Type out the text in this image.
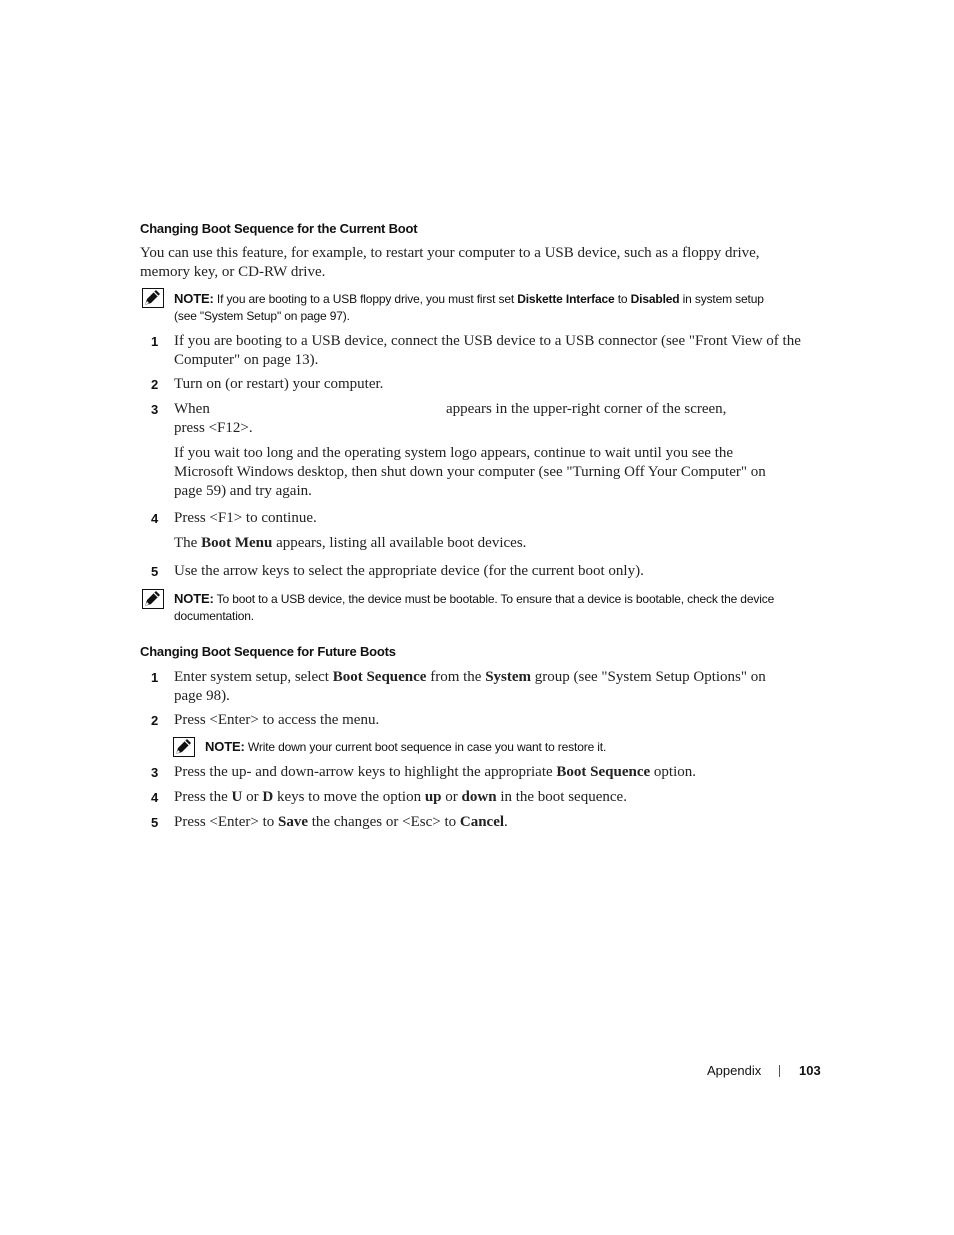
Changing Boot Sequence for the Current Boot
You can use this feature, for example, to restart your computer to a USB device, such as a floppy drive,
memory key, or CD-RW drive.
NOTE: If you are booting to a USB floppy drive, you must first set Diskette Interface to Disabled in system setup
(see "System Setup" on page 97).
1 If you are booting to a USB device, connect the USB device to a USB connector (see "Front View of the
Computer" on page 13).
2 Turn on (or restart) your computer.
3 When	appears in the upper-right corner of the screen,
press <F12>.
If you wait too long and the operating system logo appears, continue to wait until you see the
Microsoft Windows desktop, then shut down your computer (see "Turning Off Your Computer" on
page 59) and try again.
4 Press <F1> to continue.
The Boot Menu appears, listing all available boot devices.
5 Use the arrow keys to select the appropriate device (for the current boot only).
NOTE: To boot to a USB device, the device must be bootable. To ensure that a device is bootable, check the device
documentation.
Changing Boot Sequence for Future Boots
1 Enter system setup, select Boot Sequence from the System group (see "System Setup Options" on
page 98).
2 Press <Enter> to access the menu.
NOTE: Write down your current boot sequence in case you want to restore it.
3 Press the up- and down-arrow keys to highlight the appropriate Boot Sequence option.
4 Press the U or D keys to move the option up or down in the boot sequence.
5 Press <Enter> to Save the changes or <Esc> to Cancel.
Appendix	103
